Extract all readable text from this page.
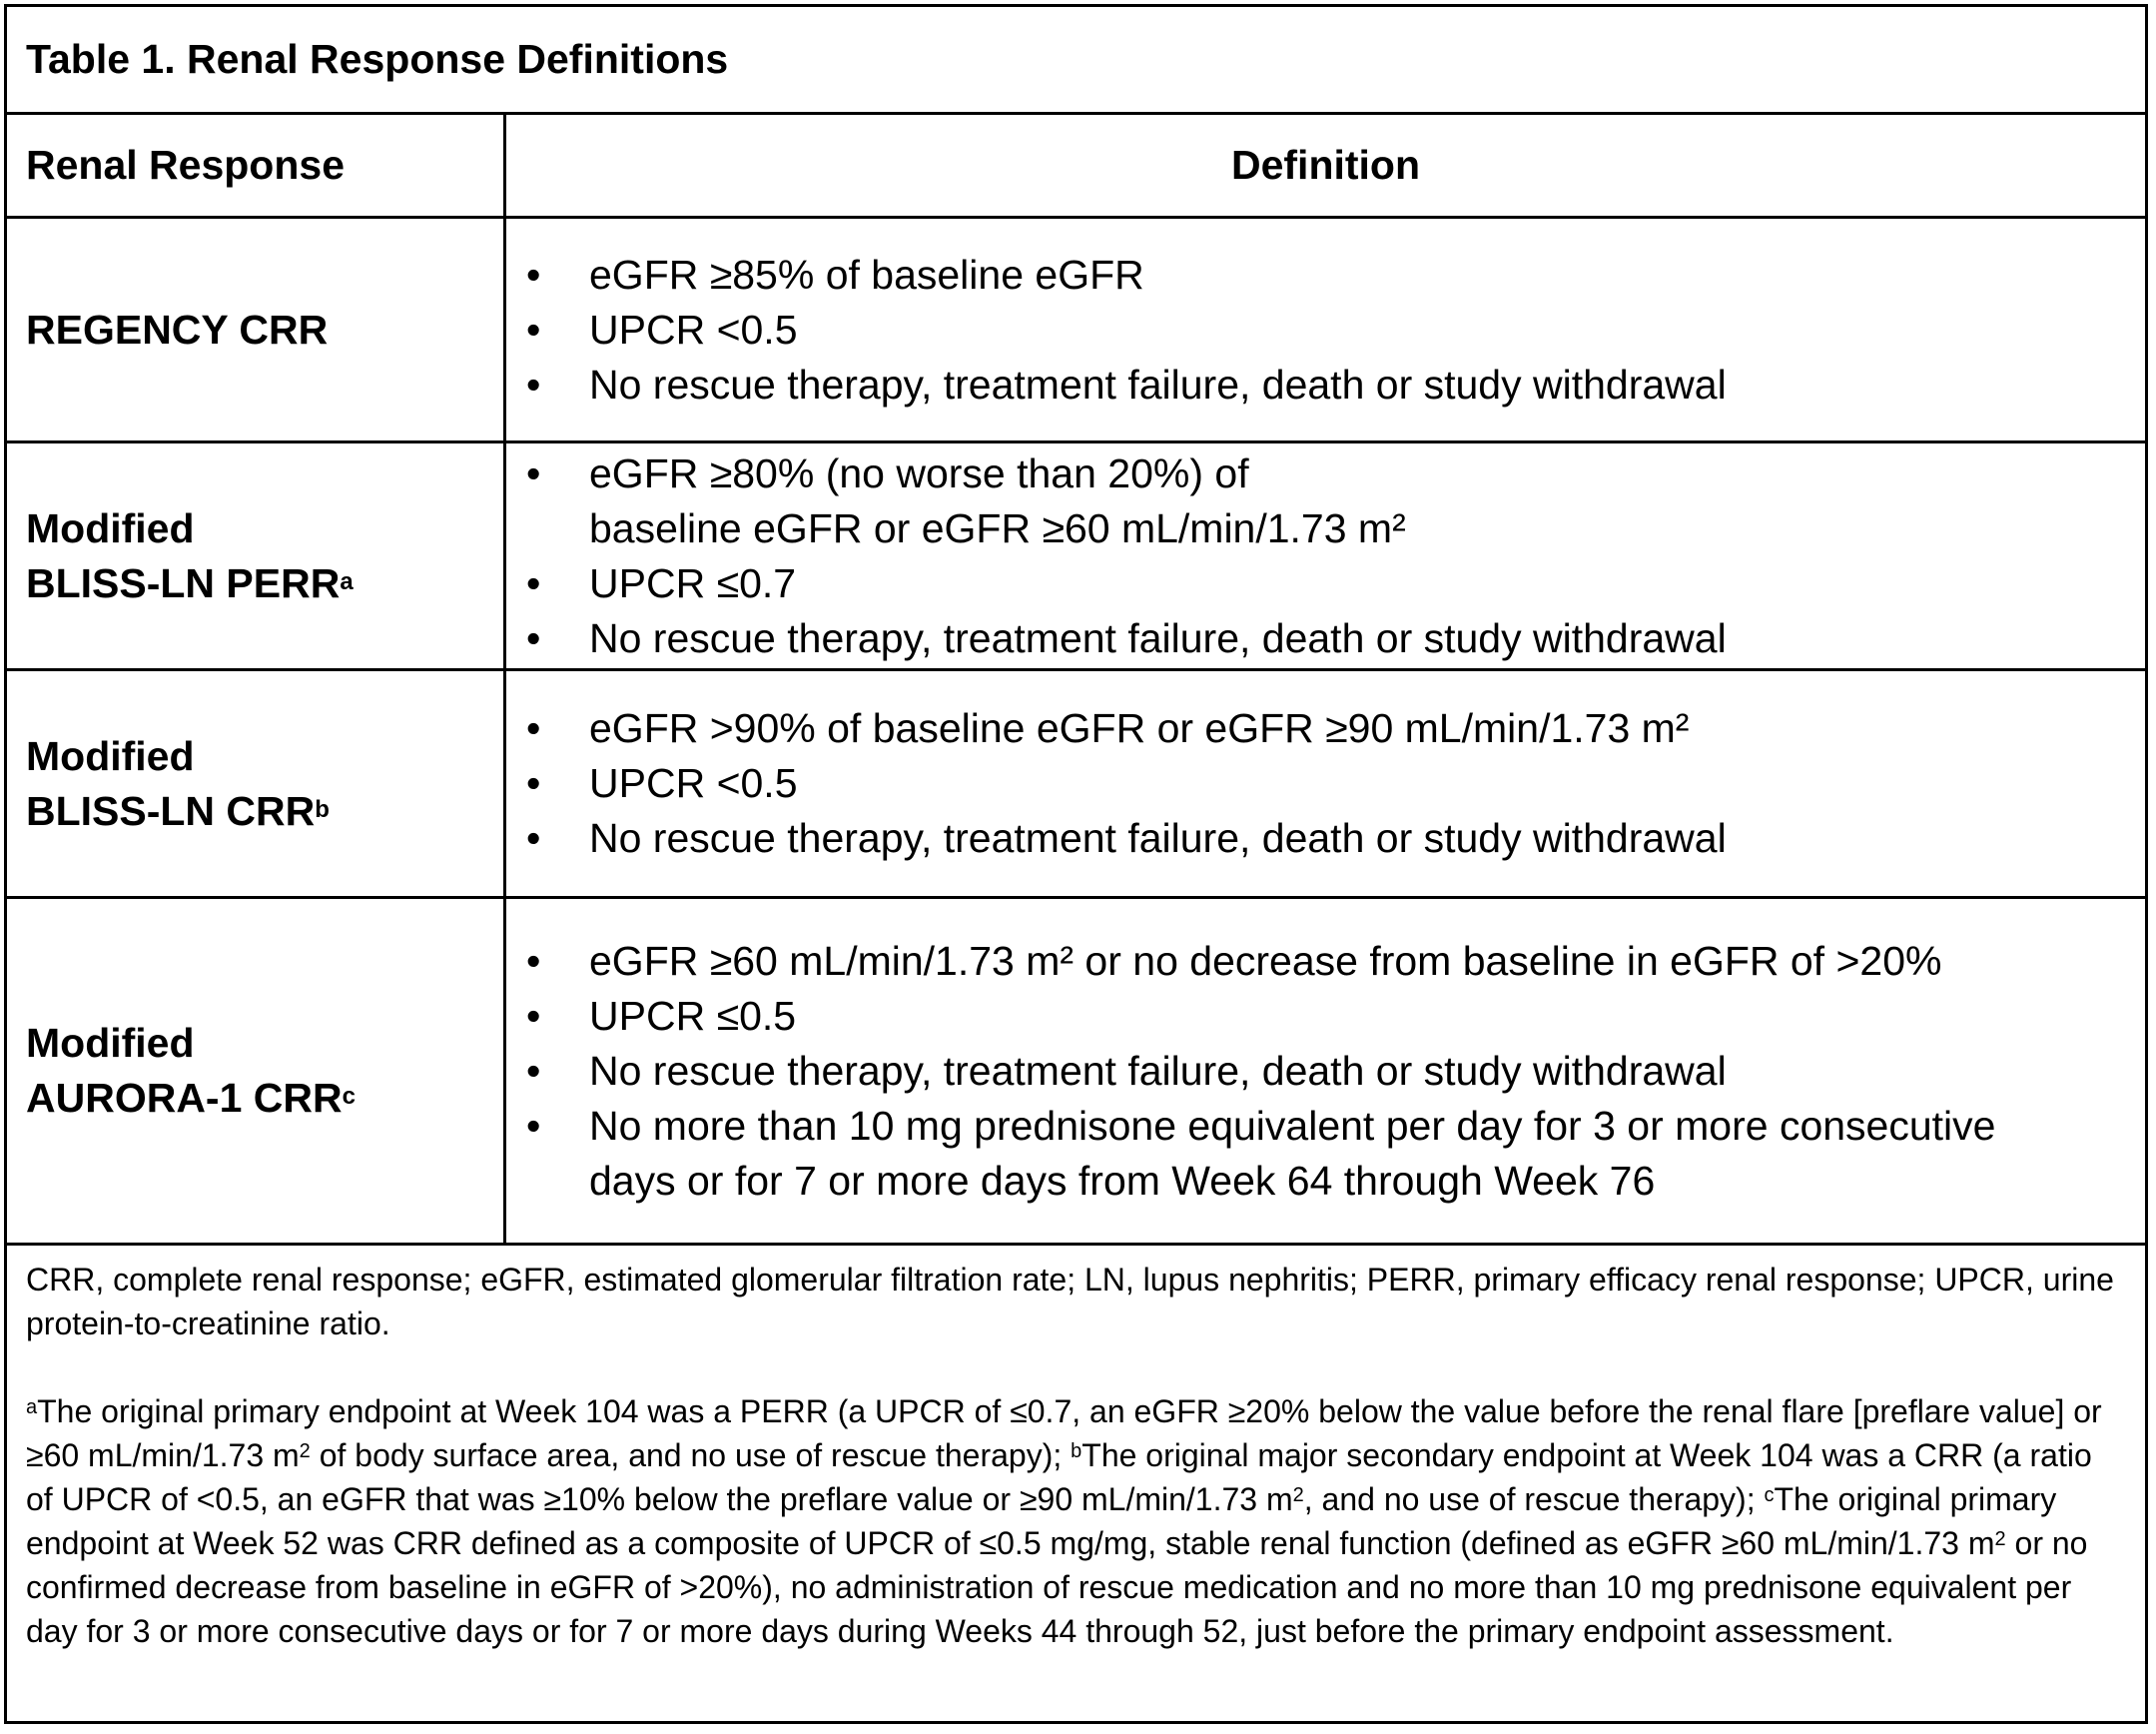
Table 1. Renal Response Definitions
Renal Response	Definition
REGENCY CRR
•	eGFR ≥85% of baseline eGFR
•	UPCR <0.5
•	No rescue therapy, treatment failure, death or study withdrawal
Modified
BLISS-LN PERR$^a$
•	eGFR ≥80% (no worse than 20%) of baseline eGFR or eGFR ≥60 mL/min/1.73 m²
•	UPCR ≤0.7
•	No rescue therapy, treatment failure, death or study withdrawal
Modified
BLISS-LN CRR$^b$
•	eGFR >90% of baseline eGFR or eGFR ≥90 mL/min/1.73 m²
•	UPCR <0.5
•	No rescue therapy, treatment failure, death or study withdrawal
Modified
AURORA-1 CRR$^c$
•	eGFR ≥60 mL/min/1.73 m² or no decrease from baseline in eGFR of >20%
•	UPCR ≤0.5
•	No rescue therapy, treatment failure, death or study withdrawal
•	No more than 10 mg prednisone equivalent per day for 3 or more consecutive days or for 7 or more days from Week 64 through Week 76

CRR, complete renal response; eGFR, estimated glomerular filtration rate; LN, lupus nephritis; PERR, primary efficacy renal response; UPCR, urine protein-to-creatinine ratio.

$^a$The original primary endpoint at Week 104 was a PERR (a UPCR of ≤0.7, an eGFR ≥20% below the value before the renal flare [preflare value] or ≥60 mL/min/1.73 $m^2$ of body surface area, and no use of rescue therapy); $^b$The original major secondary endpoint at Week 104 was a CRR (a ratio of UPCR of <0.5, an eGFR that was ≥10% below the preflare value or ≥90 mL/min/1.73 $m^2$, and no use of rescue therapy); $^c$The original primary endpoint at Week 52 was CRR defined as a composite of UPCR of ≤0.5 mg/mg, stable renal function (defined as eGFR ≥60 mL/min/1.73 $m^2$ or no confirmed decrease from baseline in eGFR of >20%), no administration of rescue medication and no more than 10 mg prednisone equivalent per day for 3 or more consecutive days or for 7 or more days during Weeks 44 through 52, just before the primary endpoint assessment.
